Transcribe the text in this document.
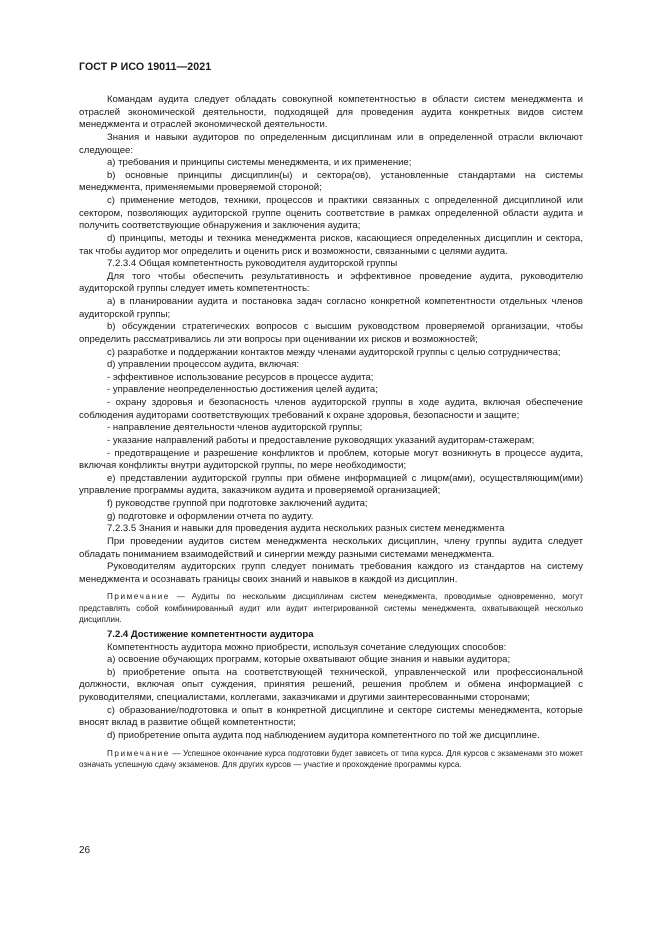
ГОСТ Р ИСО 19011—2021

Командам аудита следует обладать совокупной компетентностью в области систем менеджмента и отраслей экономической деятельности, подходящей для проведения аудита конкретных видов систем менеджмента и отраслей экономической деятельности.

Знания и навыки аудиторов по определенным дисциплинам или в определенной отрасли включают следующее:

a) требования и принципы системы менеджмента, и их применение;

b) основные принципы дисциплин(ы) и сектора(ов), установленные стандартами на системы менеджмента, применяемыми проверяемой стороной;

c) применение методов, техники, процессов и практики связанных с определенной дисциплиной или сектором, позволяющих аудиторской группе оценить соответствие в рамках определенной области аудита и получить соответствующие обнаружения и заключения аудита;

d) принципы, методы и техника менеджмента рисков, касающиеся определенных дисциплин и сектора, так чтобы аудитор мог определить и оценить риск и возможности, связанными с целями аудита.

7.2.3.4 Общая компетентность руководителя аудиторской группы

Для того чтобы обеспечить результативность и эффективное проведение аудита, руководителю аудиторской группы следует иметь компетентность:

a) в планировании аудита и постановка задач согласно конкретной компетентности отдельных членов аудиторской группы;

b) обсуждении стратегических вопросов с высшим руководством проверяемой организации, чтобы определить рассматривались ли эти вопросы при оценивании их рисков и возможностей;

c) разработке и поддержании контактов между членами аудиторской группы с целью сотрудничества;

d) управлении процессом аудита, включая:

- эффективное использование ресурсов в процессе аудита;

- управление неопределенностью достижения целей аудита;

- охрану здоровья и безопасность членов аудиторской группы в ходе аудита, включая обеспечение соблюдения аудиторами соответствующих требований к охране здоровья, безопасности и защите;

- направление деятельности членов аудиторской группы;

- указание направлений работы и предоставление руководящих указаний аудиторам-стажерам;

- предотвращение и разрешение конфликтов и проблем, которые могут возникнуть в процессе аудита, включая конфликты внутри аудиторской группы, по мере необходимости;

e) представлении аудиторской группы при обмене информацией с лицом(ами), осуществляющим(ими) управление программы аудита, заказчиком аудита и проверяемой организацией;

f) руководстве группой при подготовке заключений аудита;

g) подготовке и оформлении отчета по аудиту.

7.2.3.5 Знания и навыки для проведения аудита нескольких разных систем менеджмента

При проведении аудитов систем менеджмента нескольких дисциплин, члену группы аудита следует обладать пониманием взаимодействий и синергии между разными системами менеджмента.

Руководителям аудиторских групп следует понимать требования каждого из стандартов на систему менеджмента и осознавать границы своих знаний и навыков в каждой из дисциплин.

Примечание — Аудиты по нескольким дисциплинам систем менеджмента, проводимые одновременно, могут представлять собой комбинированный аудит или аудит интегрированной системы менеджмента, охватывающей несколько дисциплин.

7.2.4 Достижение компетентности аудитора

Компетентность аудитора можно приобрести, используя сочетание следующих способов:

a) освоение обучающих программ, которые охватывают общие знания и навыки аудитора;

b) приобретение опыта на соответствующей технической, управленческой или профессиональной должности, включая опыт суждения, принятия решений, решения проблем и обмена информацией с руководителями, специалистами, коллегами, заказчиками и другими заинтересованными сторонами;

c) образование/подготовка и опыт в конкретной дисциплине и секторе системы менеджмента, которые вносят вклад в развитие общей компетентности;

d) приобретение опыта аудита под наблюдением аудитора компетентного по той же дисциплине.

Примечание — Успешное окончание курса подготовки будет зависеть от типа курса. Для курсов с экзаменами это может означать успешную сдачу экзаменов. Для других курсов — участие и прохождение программы курса.

26
